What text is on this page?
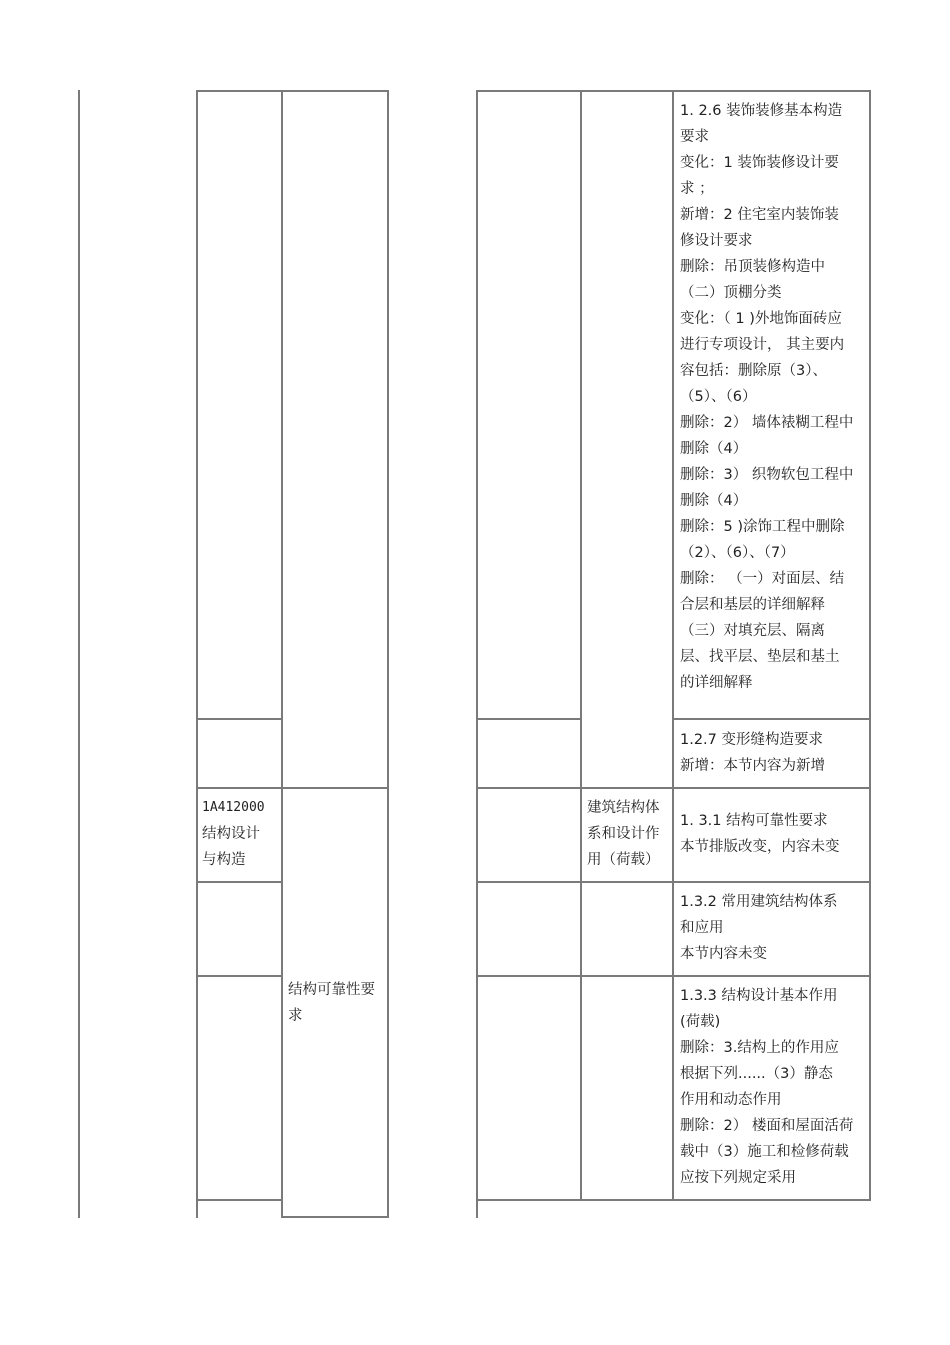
1. 2.6 装饰装修基本构造
要求
变化：1 装饰装修设计要
求 ；
新增：2 住宅室内装饰装
修设计要求
删除：吊顶装修构造中
（二）顶棚分类
变化：（ 1 )外地饰面砖应
进行专项设计， 其主要内
容包括：删除原（3）、
（5）、（6）
删除：2） 墙体裱糊工程中
删除（4）
删除：3） 织物软包工程中
删除（4）
删除：5 )涂饰工程中删除
（2）、（6）、（7）
删除： （一）对面层、结
合层和基层的详细解释
（三）对填充层、隔离
层、找平层、垫层和基土
的详细解释
1.2.7 变形缝构造要求
新增：本节内容为新增
1A412000
结构设计
与构造
建筑结构体
系和设计作
用（荷载）
1. 3.1 结构可靠性要求
本节排版改变，内容未变
1.3.2 常用建筑结构体系
和应用
本节内容未变
结构可靠性要
求
1.3.3 结构设计基本作用
(荷载)
删除：3.结构上的作用应
根据下列......（3）静态
作用和动态作用
删除：2） 楼面和屋面活荷
载中（3）施工和检修荷载
应按下列规定采用
